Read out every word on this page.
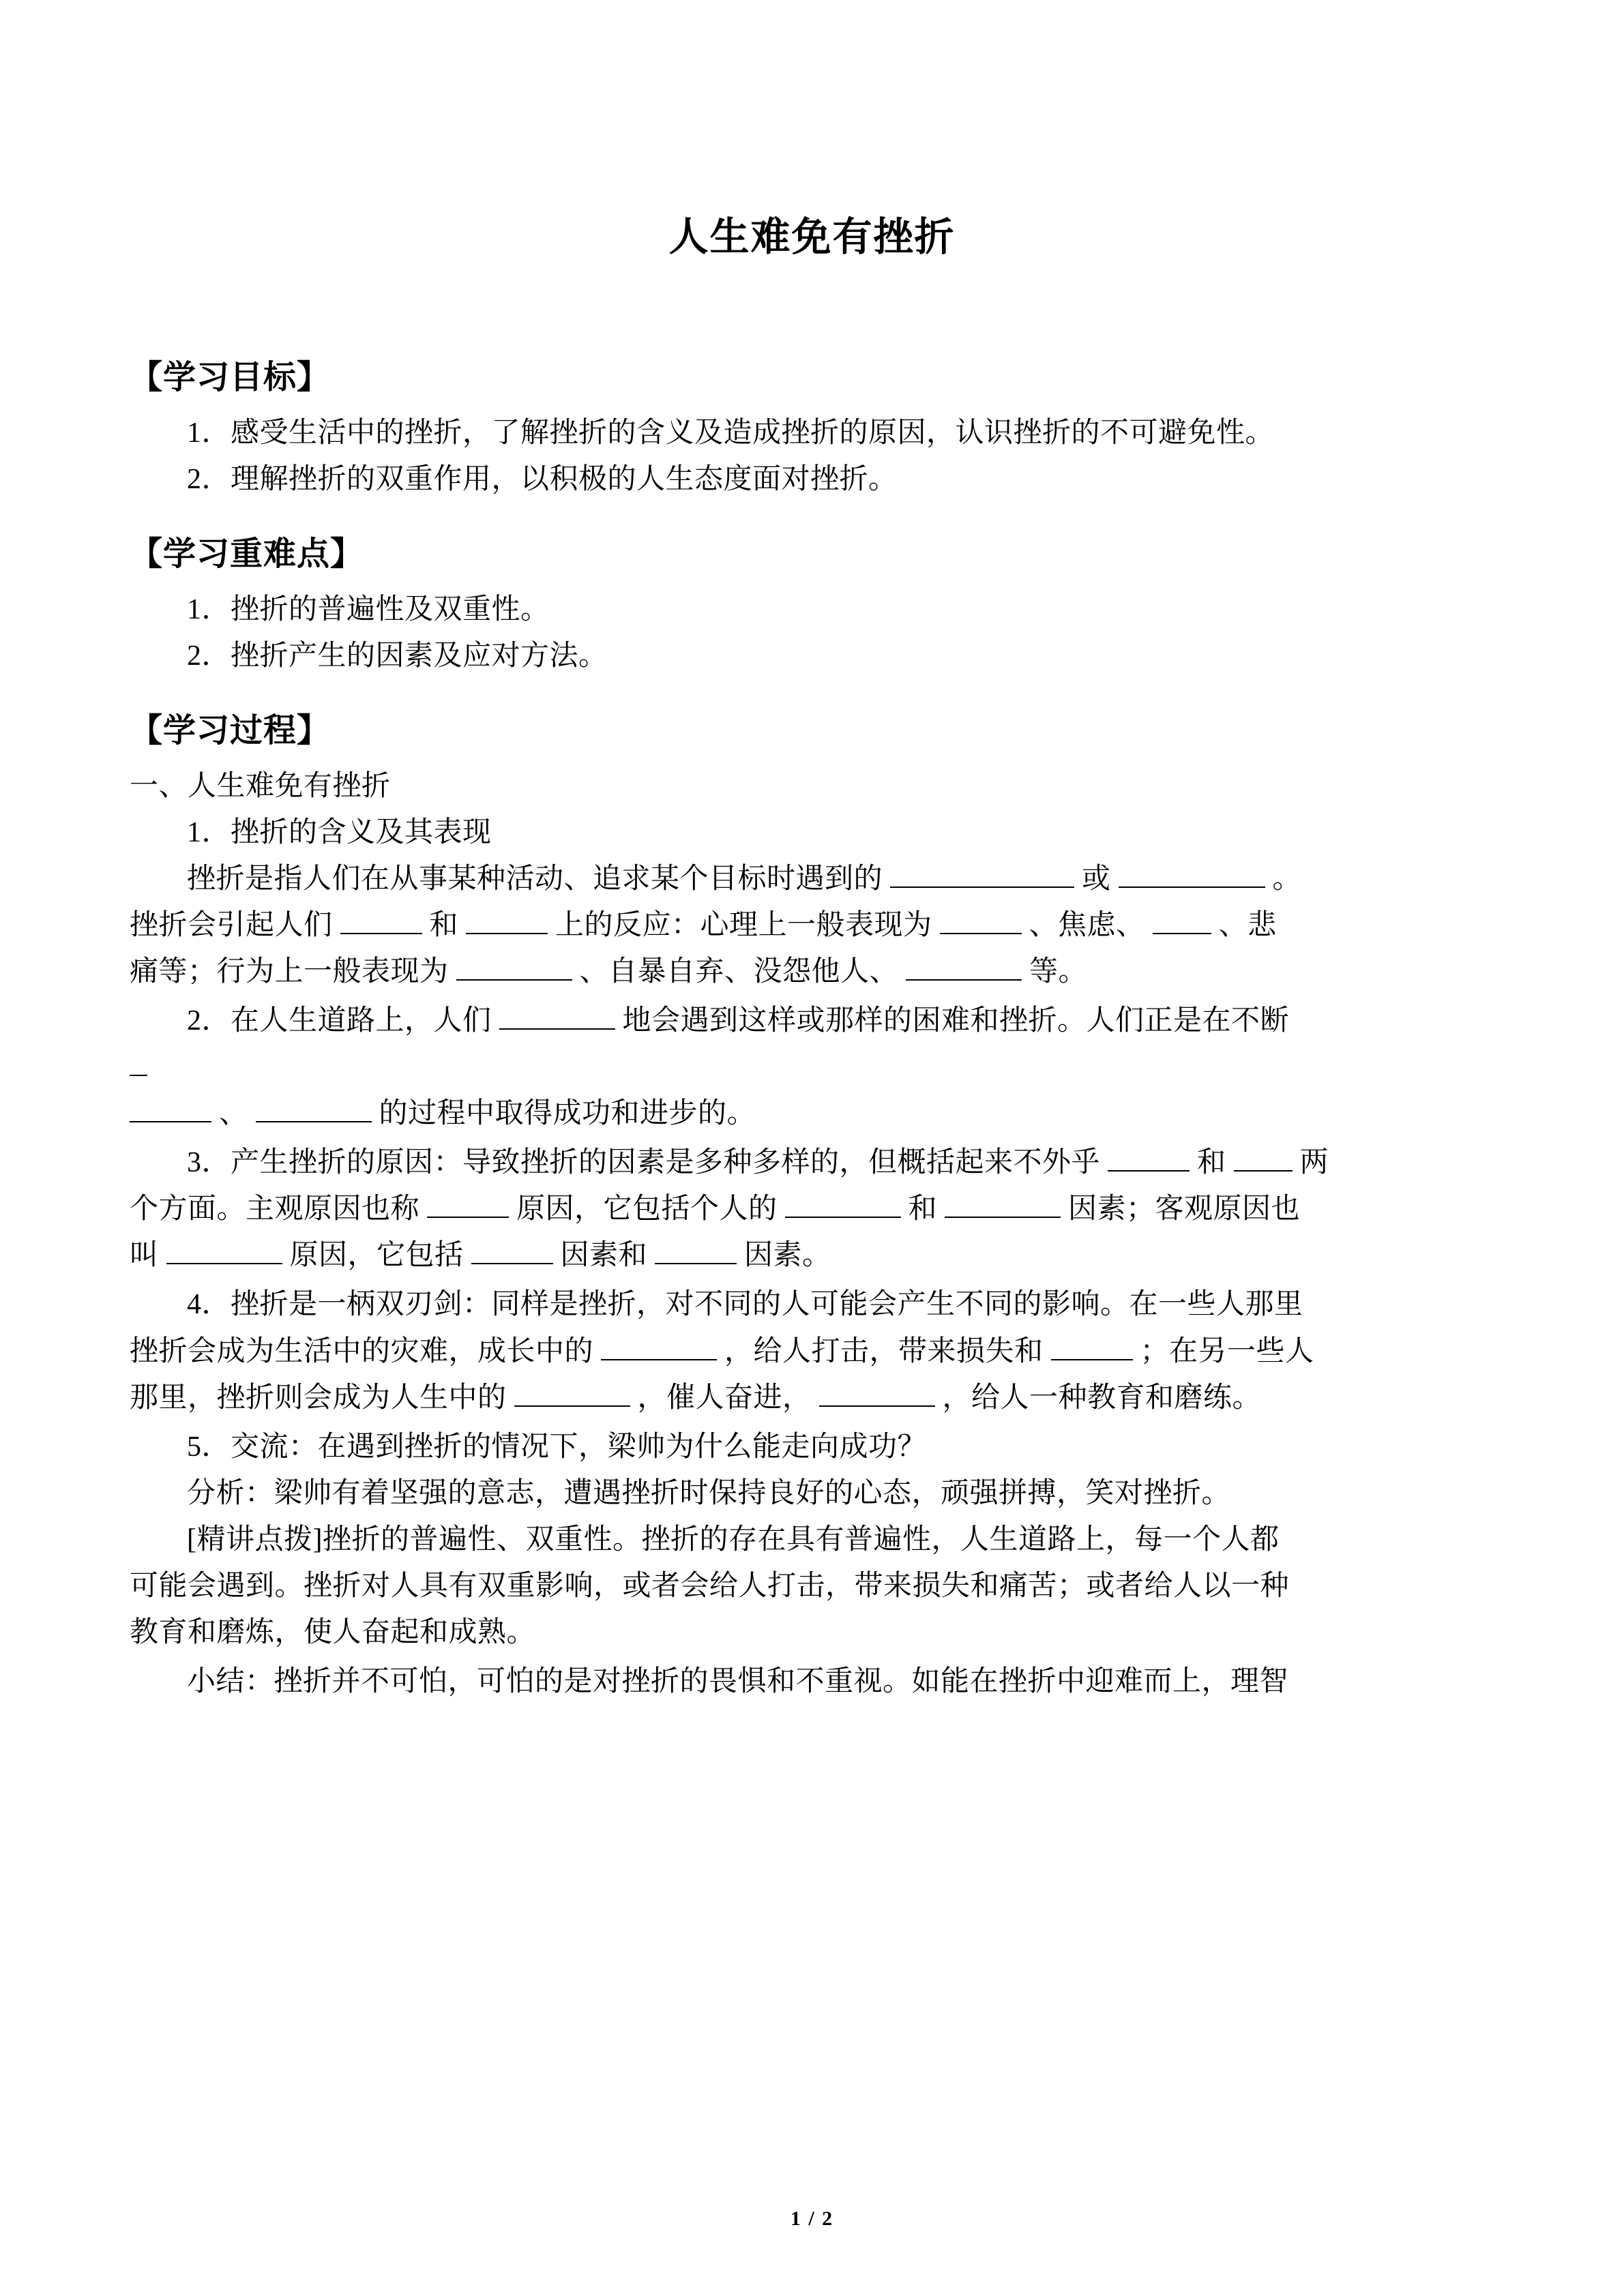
人生难免有挫折
【学习目标】

1．感受生活中的挫折，了解挫折的含义及造成挫折的原因，认识挫折的不可避免性。

2．理解挫折的双重作用，以积极的人生态度面对挫折。

【学习重难点】

1．挫折的普遍性及双重性。

2．挫折产生的因素及应对方法。

【学习过程】

一、人生难免有挫折

1．挫折的含义及其表现

挫折是指人们在从事某种活动、追求某个目标时遇到的	或	。

挫折会引起人们	和	上的反应：心理上一般表现为	、焦虑、	、悲

痛等；行为上一般表现为	、自暴自弃、没怨他人、	等。

2．在人生道路上，人们	地会遇到这样或那样的困难和挫折。人们正是在不断

、	的过程中取得成功和进步的。

3．产生挫折的原因：导致挫折的因素是多种多样的，但概括起来不外乎	和	两

个方面。主观原因也称	原因，它包括个人的	和	因素；客观原因也

叫	原因，它包括	因素和	因素。

4．挫折是一柄双刃剑：同样是挫折，对不同的人可能会产生不同的影响。在一些人那里

挫折会成为生活中的灾难，成长中的	，给人打击，带来损失和	；在另一些人

那里，挫折则会成为人生中的	，催人奋进，	，给人一种教育和磨练。

5．交流：在遇到挫折的情况下，梁帅为什么能走向成功？

分析：梁帅有着坚强的意志，遭遇挫折时保持良好的心态，顽强拼搏，笑对挫折。

[精讲点拨]挫折的普遍性、双重性。挫折的存在具有普遍性，人生道路上，每一个人都

可能会遇到。挫折对人具有双重影响，或者会给人打击，带来损失和痛苦；或者给人以一种

教育和磨炼，使人奋起和成熟。

小结：挫折并不可怕，可怕的是对挫折的畏惧和不重视。如能在挫折中迎难而上，理智

1 / 2
